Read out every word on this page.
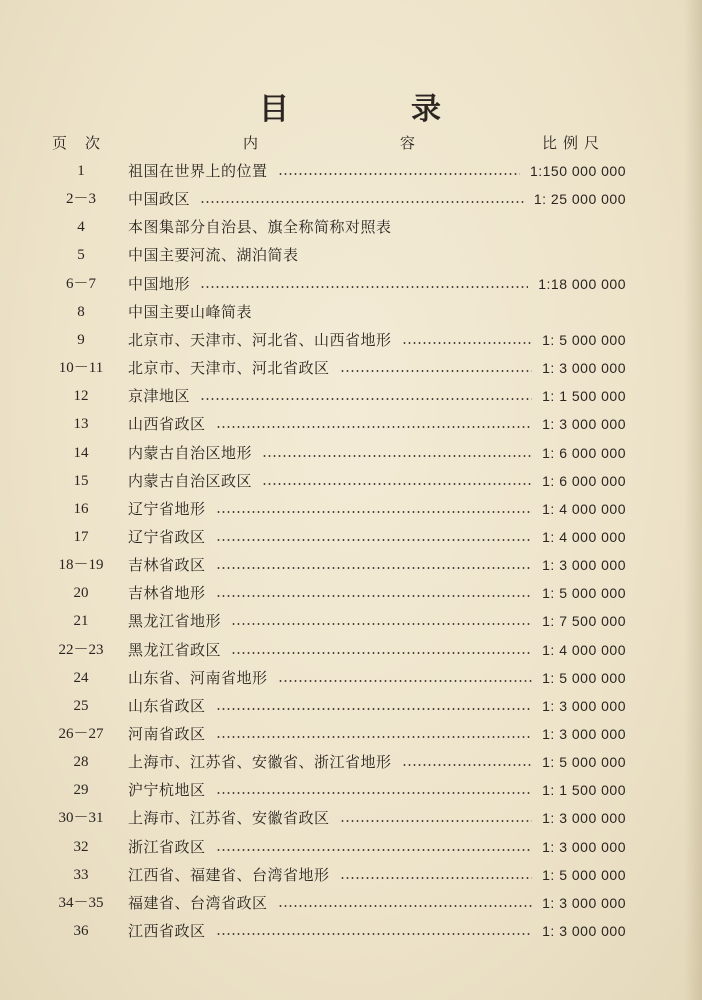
目	录
页次	内	容	比例尺
1	祖国在世界上的位置	1:150 000 000
2－3	中国政区	1: 25 000 000
4	本图集部分自治县、旗全称简称对照表
5	中国主要河流、湖泊简表
6－7	中国地形	1:18 000 000
8	中国主要山峰简表
9	北京市、天津市、河北省、山西省地形	1: 5 000 000
10－11	北京市、天津市、河北省政区	1: 3 000 000
12	京津地区	1: 1 500 000
13	山西省政区	1: 3 000 000
14	内蒙古自治区地形	1: 6 000 000
15	内蒙古自治区政区	1: 6 000 000
16	辽宁省地形	1: 4 000 000
17	辽宁省政区	1: 4 000 000
18－19	吉林省政区	1: 3 000 000
20	吉林省地形	1: 5 000 000
21	黑龙江省地形	1: 7 500 000
22－23	黑龙江省政区	1: 4 000 000
24	山东省、河南省地形	1: 5 000 000
25	山东省政区	1: 3 000 000
26－27	河南省政区	1: 3 000 000
28	上海市、江苏省、安徽省、浙江省地形	1: 5 000 000
29	沪宁杭地区	1: 1 500 000
30－31	上海市、江苏省、安徽省政区	1: 3 000 000
32	浙江省政区	1: 3 000 000
33	江西省、福建省、台湾省地形	1: 5 000 000
34－35	福建省、台湾省政区	1: 3 000 000
36	江西省政区	1: 3 000 000
